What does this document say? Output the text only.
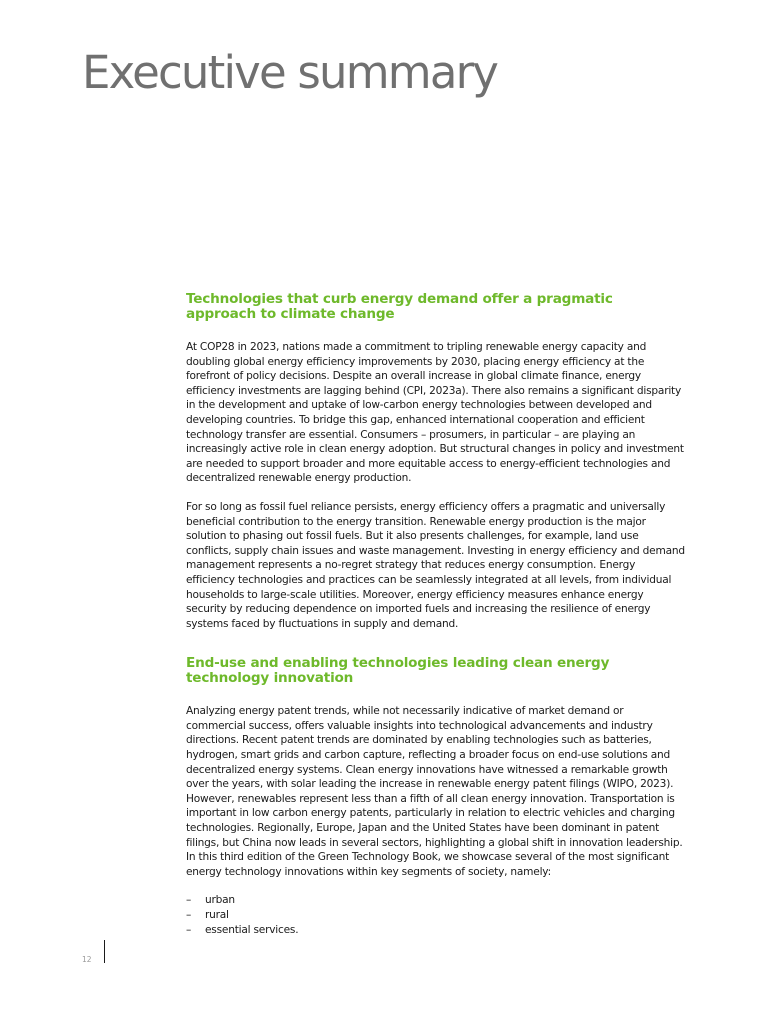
Executive summary
Technologies that curb energy demand offer a pragmatic approach to climate change

At COP28 in 2023, nations made a commitment to tripling renewable energy capacity and doubling global energy efficiency improvements by 2030, placing energy efficiency at the forefront of policy decisions. Despite an overall increase in global climate finance, energy efficiency investments are lagging behind (CPI, 2023a). There also remains a significant disparity in the development and uptake of low-carbon energy technologies between developed and developing countries. To bridge this gap, enhanced international cooperation and efficient technology transfer are essential. Consumers – prosumers, in particular – are playing an increasingly active role in clean energy adoption. But structural changes in policy and investment are needed to support broader and more equitable access to energy-efficient technologies and decentralized renewable energy production.

For so long as fossil fuel reliance persists, energy efficiency offers a pragmatic and universally beneficial contribution to the energy transition. Renewable energy production is the major solution to phasing out fossil fuels. But it also presents challenges, for example, land use conflicts, supply chain issues and waste management. Investing in energy efficiency and demand management represents a no-regret strategy that reduces energy consumption. Energy efficiency technologies and practices can be seamlessly integrated at all levels, from individual households to large-scale utilities. Moreover, energy efficiency measures enhance energy security by reducing dependence on imported fuels and increasing the resilience of energy systems faced by fluctuations in supply and demand.

End-use and enabling technologies leading clean energy technology innovation

Analyzing energy patent trends, while not necessarily indicative of market demand or commercial success, offers valuable insights into technological advancements and industry directions. Recent patent trends are dominated by enabling technologies such as batteries, hydrogen, smart grids and carbon capture, reflecting a broader focus on end-use solutions and decentralized energy systems. Clean energy innovations have witnessed a remarkable growth over the years, with solar leading the increase in renewable energy patent filings (WIPO, 2023). However, renewables represent less than a fifth of all clean energy innovation. Transportation is important in low carbon energy patents, particularly in relation to electric vehicles and charging technologies. Regionally, Europe, Japan and the United States have been dominant in patent filings, but China now leads in several sectors, highlighting a global shift in innovation leadership. In this third edition of the Green Technology Book, we showcase several of the most significant energy technology innovations within key segments of society, namely:

–	urban
–	rural
–	essential services.
12
